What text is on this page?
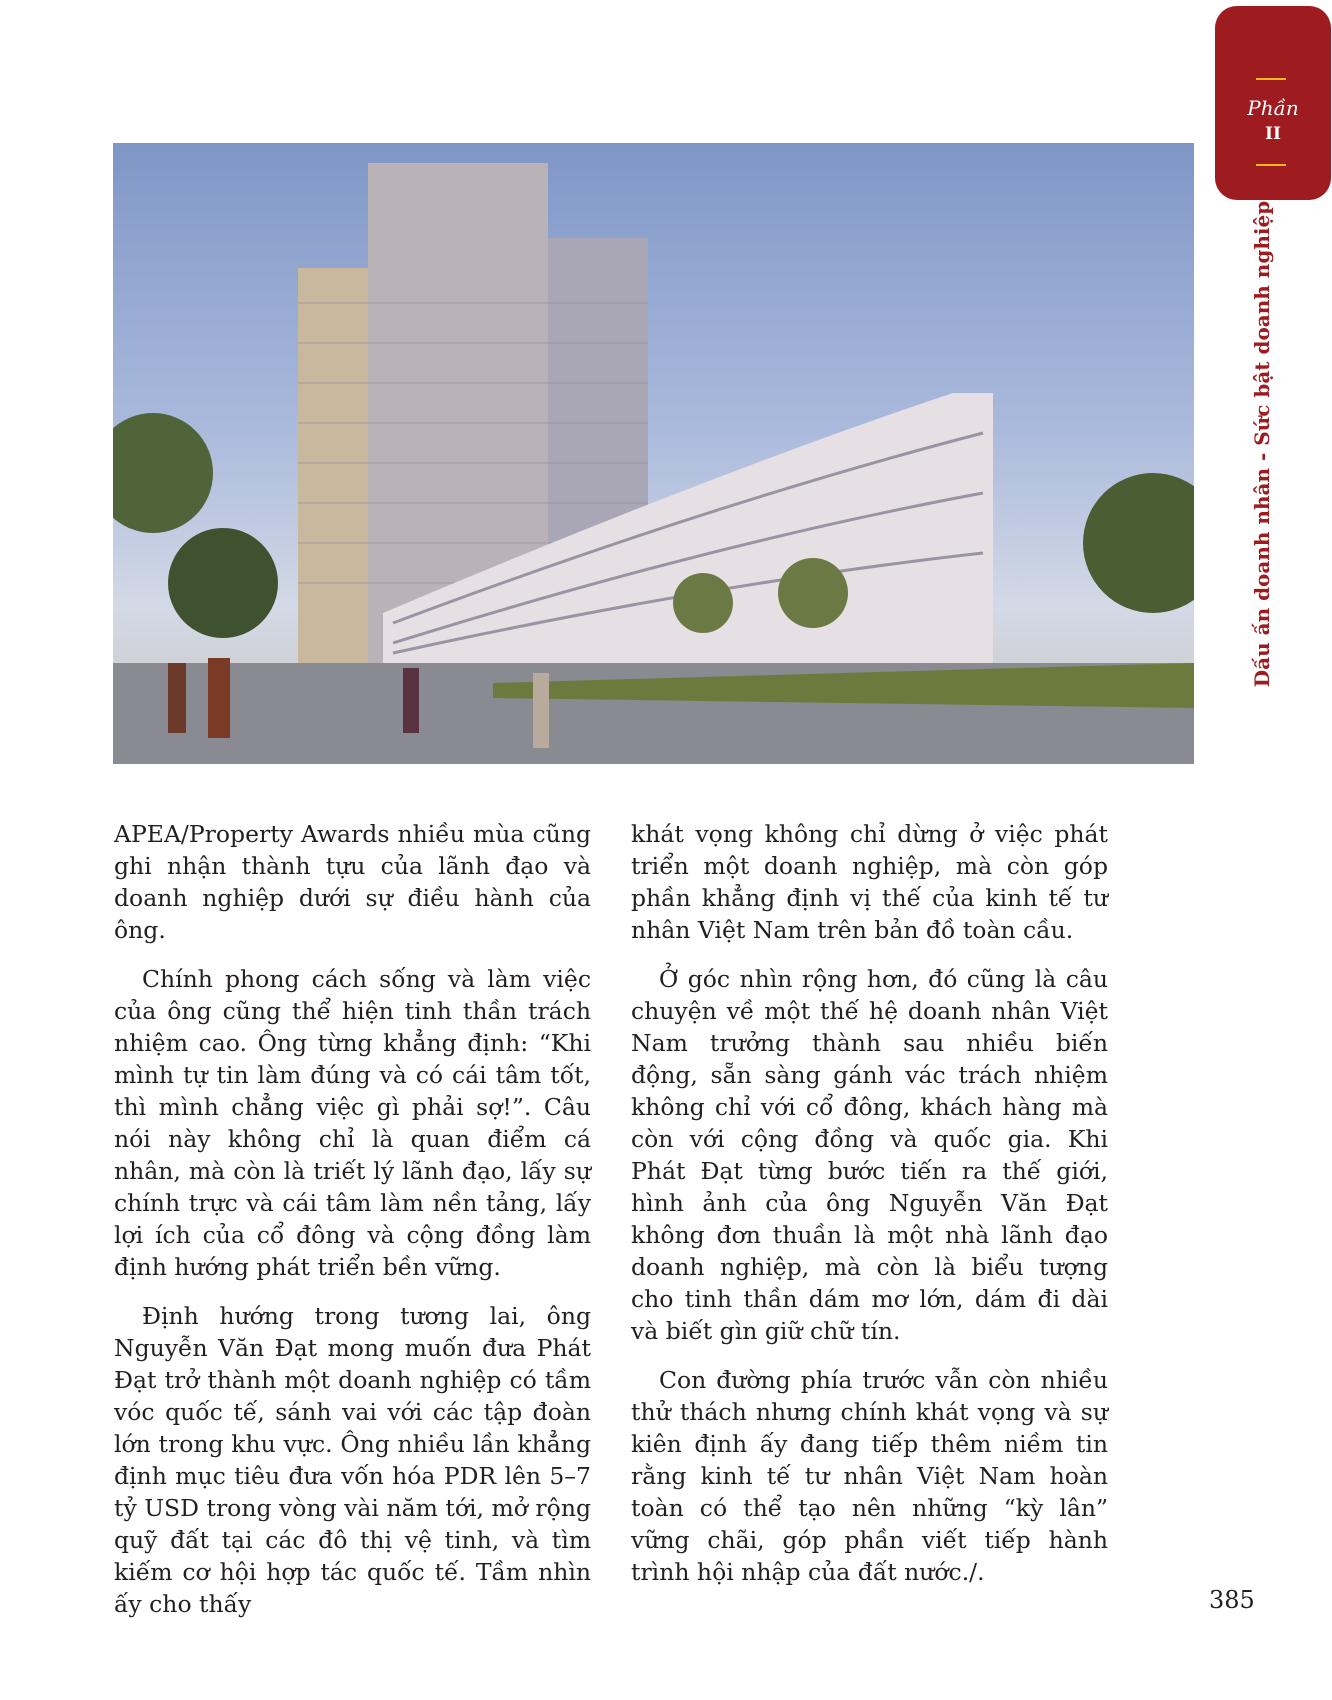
APEA/Property Awards nhiều mùa cũng ghi nhận thành tựu của lãnh đạo và doanh nghiệp dưới sự điều hành của ông.

Chính phong cách sống và làm việc của ông cũng thể hiện tinh thần trách nhiệm cao. Ông từng khẳng định: “Khi mình tự tin làm đúng và có cái tâm tốt, thì mình chẳng việc gì phải sợ!”. Câu nói này không chỉ là quan điểm cá nhân, mà còn là triết lý lãnh đạo, lấy sự chính trực và cái tâm làm nền tảng, lấy lợi ích của cổ đông và cộng đồng làm định hướng phát triển bền vững.

Định hướng trong tương lai, ông Nguyễn Văn Đạt mong muốn đưa Phát Đạt trở thành một doanh nghiệp có tầm vóc quốc tế, sánh vai với các tập đoàn lớn trong khu vực. Ông nhiều lần khẳng định mục tiêu đưa vốn hóa PDR lên 5–7 tỷ USD trong vòng vài năm tới, mở rộng quỹ đất tại các đô thị vệ tinh, và tìm kiếm cơ hội hợp tác quốc tế. Tầm nhìn ấy cho thấy

khát vọng không chỉ dừng ở việc phát triển một doanh nghiệp, mà còn góp phần khẳng định vị thế của kinh tế tư nhân Việt Nam trên bản đồ toàn cầu.

Ở góc nhìn rộng hơn, đó cũng là câu chuyện về một thế hệ doanh nhân Việt Nam trưởng thành sau nhiều biến động, sẵn sàng gánh vác trách nhiệm không chỉ với cổ đông, khách hàng mà còn với cộng đồng và quốc gia. Khi Phát Đạt từng bước tiến ra thế giới, hình ảnh của ông Nguyễn Văn Đạt không đơn thuần là một nhà lãnh đạo doanh nghiệp, mà còn là biểu tượng cho tinh thần dám mơ lớn, dám đi dài và biết gìn giữ chữ tín.

Con đường phía trước vẫn còn nhiều thử thách nhưng chính khát vọng và sự kiên định ấy đang tiếp thêm niềm tin rằng kinh tế tư nhân Việt Nam hoàn toàn có thể tạo nên những “kỳ lân” vững chãi, góp phần viết tiếp hành trình hội nhập của đất nước./.

Phần
II
Dấu ấn doanh nhân - Sức bật doanh nghiệp
385
